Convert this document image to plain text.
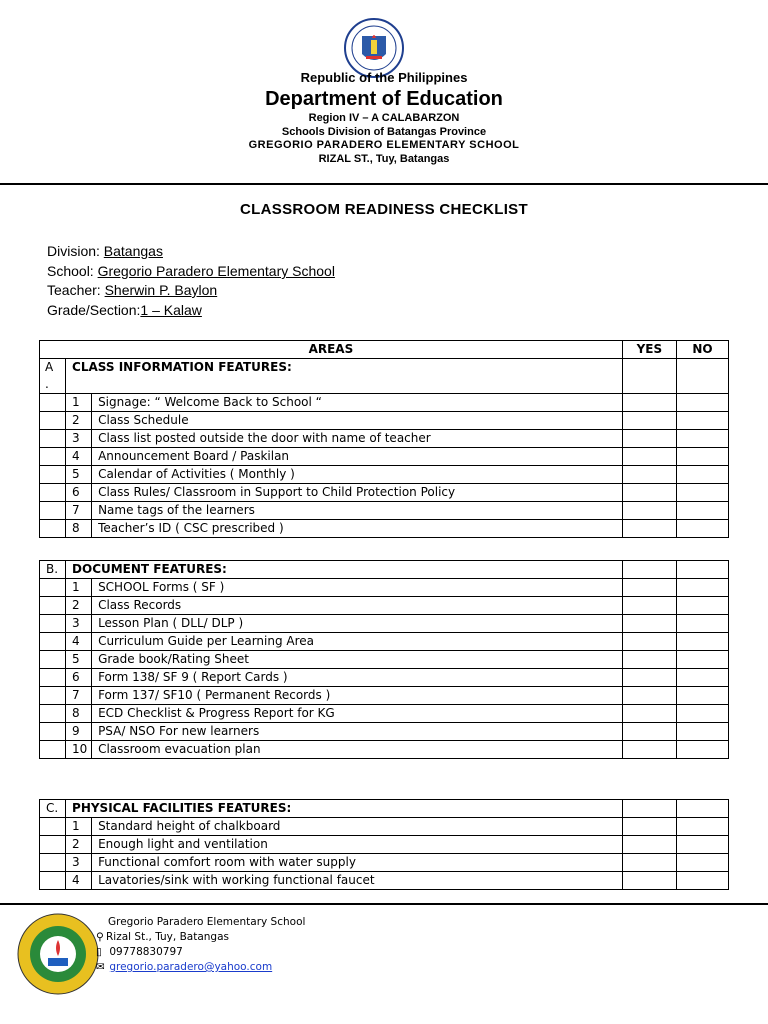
Republic of the Philippines
Department of Education
Region IV – A CALABARZON
Schools Division of Batangas Province
GREGORIO PARADERO ELEMENTARY SCHOOL
RIZAL ST., Tuy, Batangas
CLASSROOM READINESS CHECKLIST
Division: Batangas
School: Gregorio Paradero Elementary School
Teacher: Sherwin P. Baylon
Grade/Section:1 – Kalaw
AREAS			YES	NO
A
.	CLASS INFORMATION FEATURES:			
	1	Signage: “ Welcome Back to School “		
	2	Class Schedule		
	3	Class list posted outside the door with name of teacher		
	4	Announcement Board / Paskilan		
	5	Calendar of Activities ( Monthly )		
	6	Class Rules/ Classroom in Support to Child Protection Policy		
	7	Name tags of the learners		
	8	Teacher’s ID ( CSC prescribed )		
B.	DOCUMENT FEATURES:			
	1	SCHOOL Forms ( SF )		
	2	Class Records		
	3	Lesson Plan ( DLL/ DLP )		
	4	Curriculum Guide per Learning Area		
	5	Grade book/Rating Sheet		
	6	Form 138/ SF 9 ( Report Cards )		
	7	Form 137/ SF10 ( Permanent Records )		
	8	ECD Checklist & Progress Report for KG		
	9	PSA/ NSO For new learners		
	10	Classroom evacuation plan		
C.	PHYSICAL FACILITIES FEATURES:			
	1	Standard height of chalkboard		
	2	Enough light and ventilation		
	3	Functional comfort room with water supply		
	4	Lavatories/sink with working functional faucet		
Gregorio Paradero Elementary School
⚲ Rizal St., Tuy, Batangas
▯ 09778830797
✉ gregorio.paradero@yahoo.com
